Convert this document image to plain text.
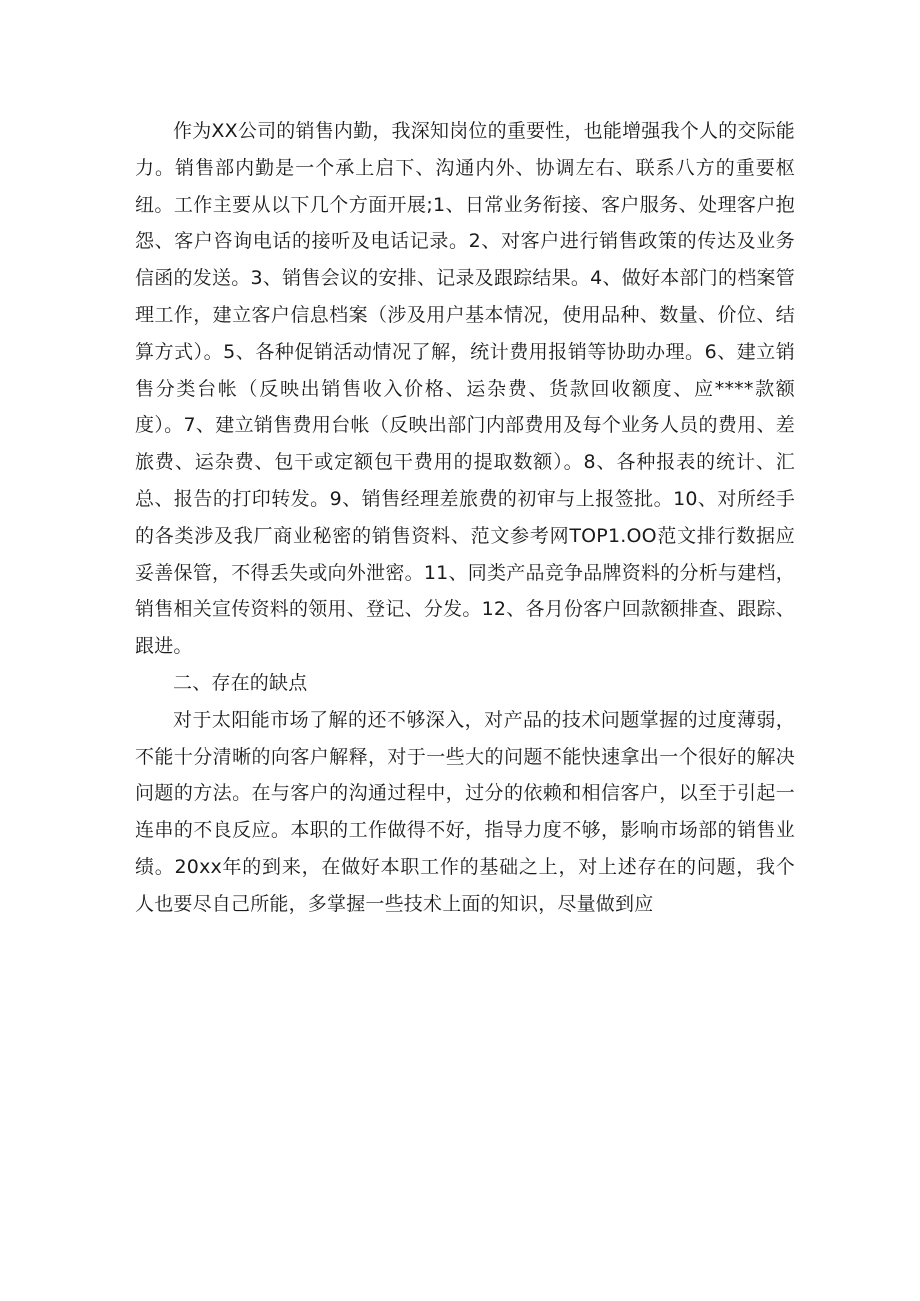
作为XX公司的销售内勤，我深知岗位的重要性，也能增强我个人的交际能力。销售部内勤是一个承上启下、沟通内外、协调左右、联系八方的重要枢纽。工作主要从以下几个方面开展;1、日常业务衔接、客户服务、处理客户抱怨、客户咨询电话的接听及电话记录。2、对客户进行销售政策的传达及业务信函的发送。3、销售会议的安排、记录及跟踪结果。4、做好本部门的档案管理工作，建立客户信息档案（涉及用户基本情况，使用品种、数量、价位、结算方式）。5、各种促销活动情况了解，统计费用报销等协助办理。6、建立销售分类台帐（反映出销售收入价格、运杂费、货款回收额度、应****款额度）。7、建立销售费用台帐（反映出部门内部费用及每个业务人员的费用、差旅费、运杂费、包干或定额包干费用的提取数额）。8、各种报表的统计、汇总、报告的打印转发。9、销售经理差旅费的初审与上报签批。10、对所经手的各类涉及我厂商业秘密的销售资料、范文参考网TOP1.OO范文排行数据应妥善保管，不得丢失或向外泄密。11、同类产品竞争品牌资料的分析与建档，销售相关宣传资料的领用、登记、分发。12、各月份客户回款额排查、跟踪、跟进。

二、存在的缺点

对于太阳能市场了解的还不够深入，对产品的技术问题掌握的过度薄弱，不能十分清晰的向客户解释，对于一些大的问题不能快速拿出一个很好的解决问题的方法。在与客户的沟通过程中，过分的依赖和相信客户，以至于引起一连串的不良反应。本职的工作做得不好，指导力度不够，影响市场部的销售业绩。20xx年的到来，在做好本职工作的基础之上，对上述存在的问题，我个人也要尽自己所能，多掌握一些技术上面的知识，尽量做到应
